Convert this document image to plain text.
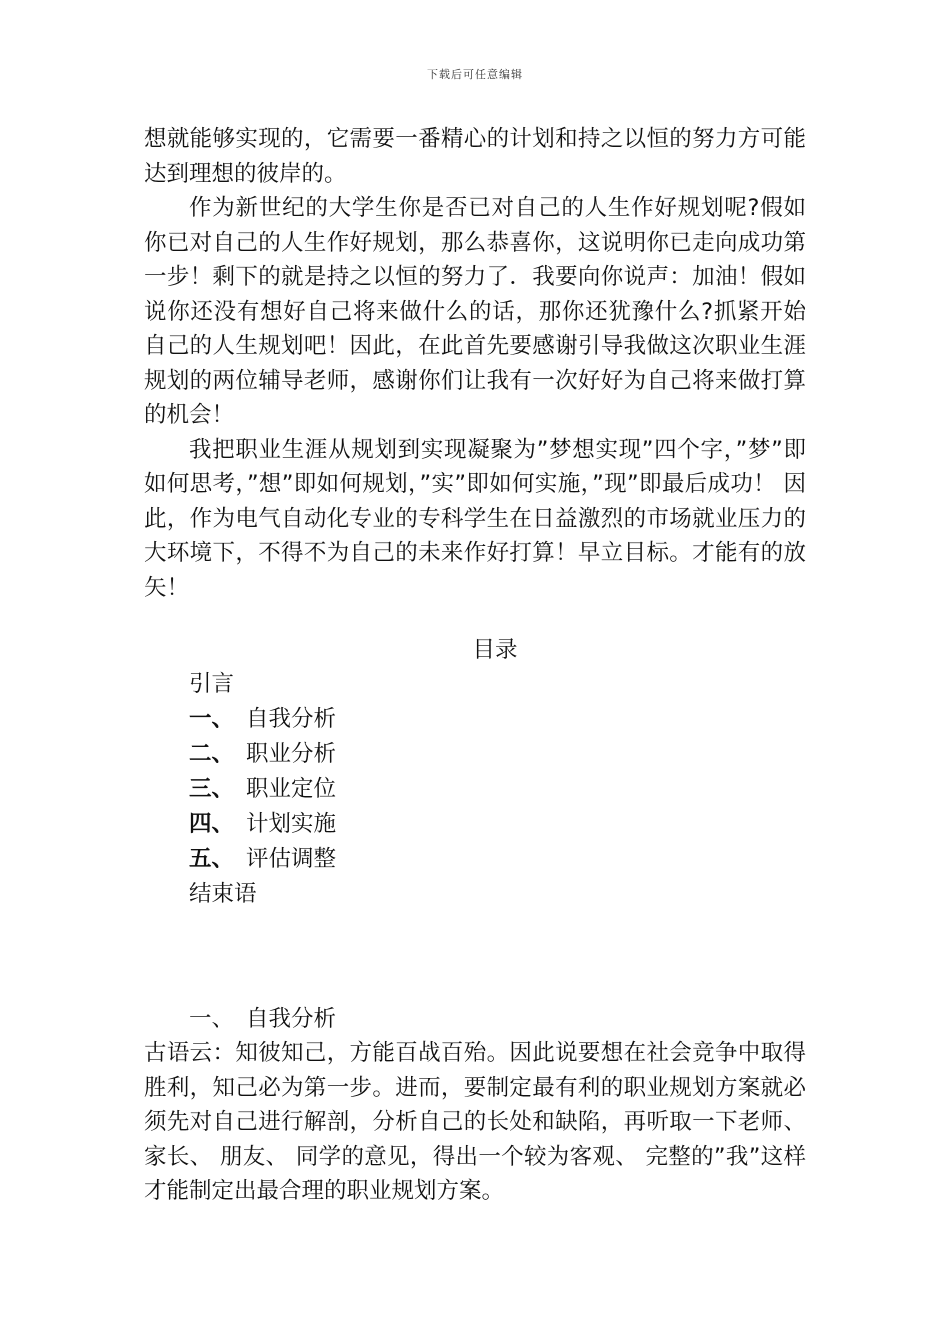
下载后可任意编辑

想就能够实现的，它需要一番精心的计划和持之以恒的努力方可能达到理想的彼岸的。

作为新世纪的大学生你是否已对自己的人生作好规划呢?假如你已对自己的人生作好规划，那么恭喜你，这说明你已走向成功第一步！剩下的就是持之以恒的努力了．我要向你说声：加油！假如说你还没有想好自己将来做什么的话，那你还犹豫什么?抓紧开始自己的人生规划吧！因此，在此首先要感谢引导我做这次职业生涯规划的两位辅导老师，感谢你们让我有一次好好为自己将来做打算的机会！

我把职业生涯从规划到实现凝聚为”梦想实现”四个字，”梦”即如何思考，”想”即如何规划，”实”即如何实施，”现”即最后成功！ 因此，作为电气自动化专业的专科学生在日益激烈的市场就业压力的大环境下，不得不为自己的未来作好打算！早立目标。才能有的放矢！

目录
引言
一、 自我分析
二、 职业分析
三、 职业定位
四、 计划实施
五、 评估调整
结束语
一、 自我分析

古语云：知彼知己，方能百战百殆。因此说要想在社会竞争中取得胜利，知己必为第一步。进而，要制定最有利的职业规划方案就必须先对自己进行解剖，分析自己的长处和缺陷，再听取一下老师、 家长、 朋友、 同学的意见，得出一个较为客观、 完整的”我”这样才能制定出最合理的职业规划方案。
